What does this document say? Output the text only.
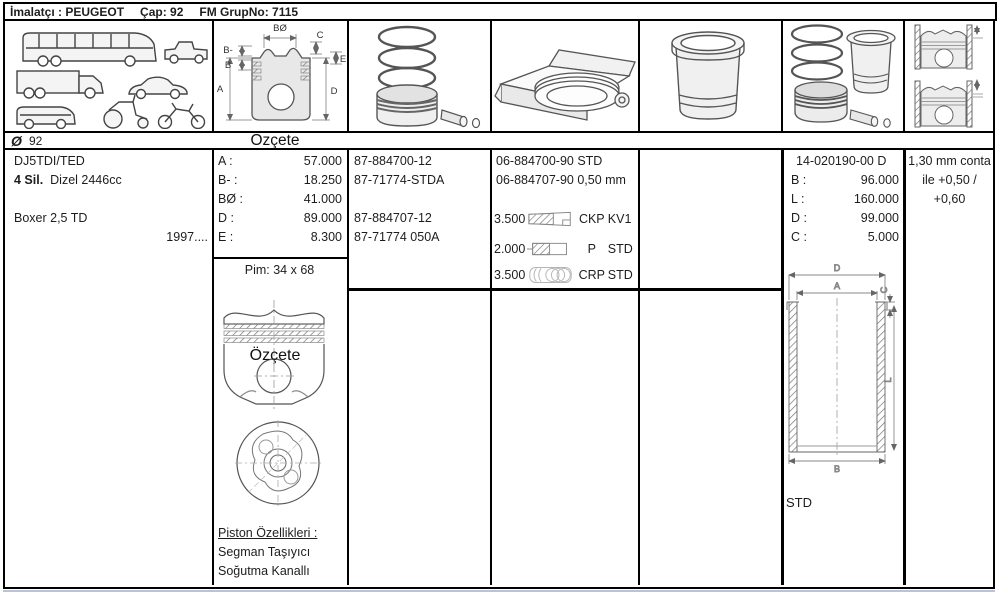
İmalatçı : PEUGEOT Çap: 92 FM GrupNo: 7115
BØ
B-
B
A
C
E
D
Ø 92	Özçete
DJ5TDI/TED
4 Sil. Dizel 2446cc
Boxer 2,5 TD
1997....
A :	57.000
B- :	18.250
BØ :	41.000
D :	89.000
E :	8.300
Pim: 34 x 68
Özçete
Piston Özellikleri :
Segman Taşıyıcı
Soğutma Kanallı
87-884700-12
87-71774-STDA
87-884707-12
87-71774 050A
06-884700-90 STD
06-884707-90 0,50 mm
3.500	CKP KV1
2.000	P STD
3.500	CRP STD
14-020190-00 D
B :	96.000
L :	160.000
D :	99.000
C :	5.000
D
A	C
L
B
STD
1,30 mm conta
ile +0,50 /
+0,60
